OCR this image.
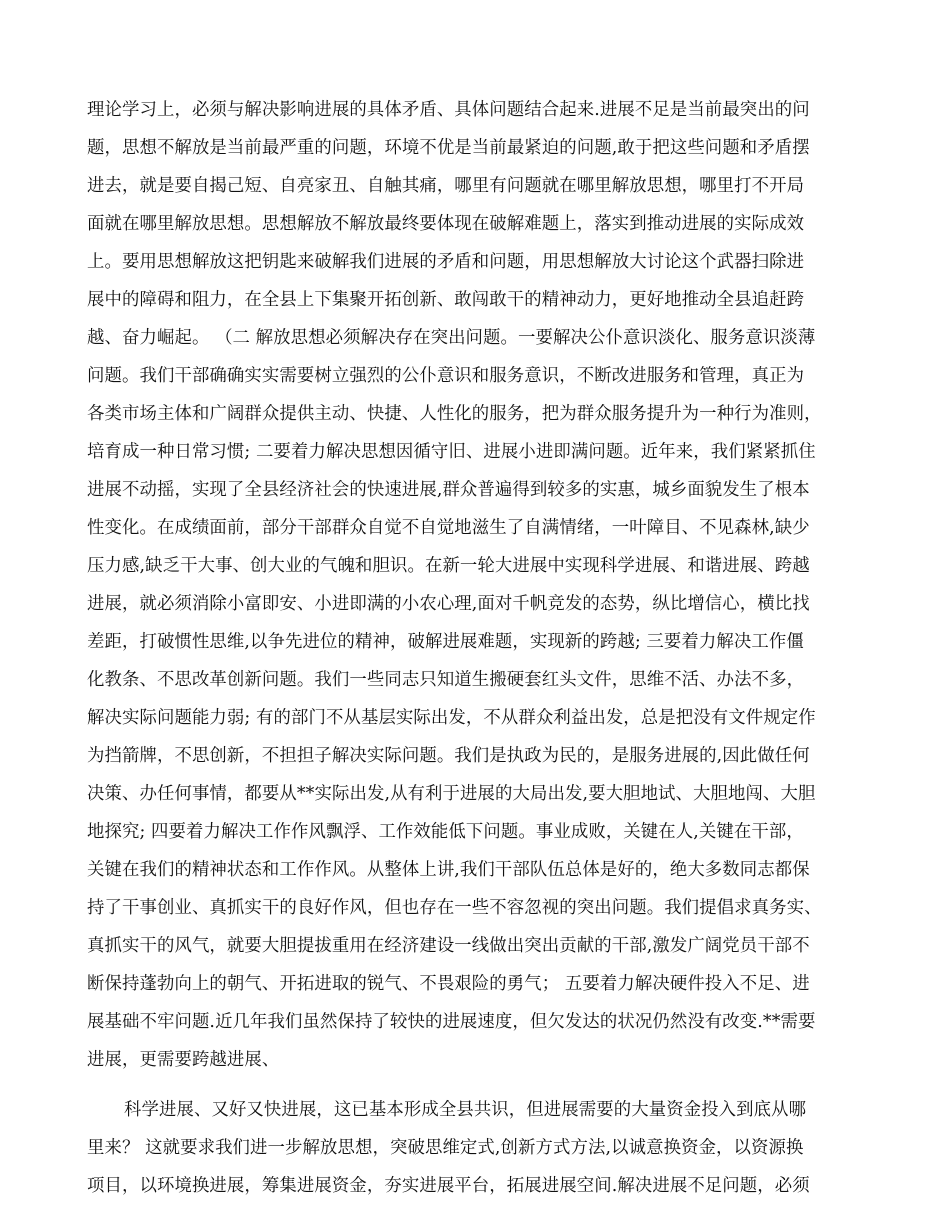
理论学习上，必须与解决影响进展的具体矛盾、具体问题结合起来.进展不足是当前最突出的问
题，思想不解放是当前最严重的问题，环境不优是当前最紧迫的问题,敢于把这些问题和矛盾摆
进去，就是要自揭己短、自亮家丑、自触其痛，哪里有问题就在哪里解放思想，哪里打不开局
面就在哪里解放思想。思想解放不解放最终要体现在破解难题上，落实到推动进展的实际成效
上。要用思想解放这把钥匙来破解我们进展的矛盾和问题，用思想解放大讨论这个武器扫除进
展中的障碍和阻力，在全县上下集聚开拓创新、敢闯敢干的精神动力，更好地推动全县追赶跨
越、奋力崛起。 （二 解放思想必须解决存在突出问题。一要解决公仆意识淡化、服务意识淡薄
问题。我们干部确确实实需要树立强烈的公仆意识和服务意识，不断改进服务和管理，真正为
各类市场主体和广阔群众提供主动、快捷、人性化的服务，把为群众服务提升为一种行为准则，
培育成一种日常习惯; 二要着力解决思想因循守旧、进展小进即满问题。近年来，我们紧紧抓住
进展不动摇，实现了全县经济社会的快速进展,群众普遍得到较多的实惠，城乡面貌发生了根本
性变化。在成绩面前，部分干部群众自觉不自觉地滋生了自满情绪，一叶障目、不见森林,缺少
压力感,缺乏干大事、创大业的气魄和胆识。在新一轮大进展中实现科学进展、和谐进展、跨越
进展，就必须消除小富即安、小进即满的小农心理,面对千帆竞发的态势，纵比增信心，横比找
差距，打破惯性思维,以争先进位的精神，破解进展难题，实现新的跨越; 三要着力解决工作僵
化教条、不思改革创新问题。我们一些同志只知道生搬硬套红头文件，思维不活、办法不多，
解决实际问题能力弱; 有的部门不从基层实际出发，不从群众利益出发，总是把没有文件规定作
为挡箭牌，不思创新，不担担子解决实际问题。我们是执政为民的，是服务进展的,因此做任何
决策、办任何事情，都要从**实际出发,从有利于进展的大局出发,要大胆地试、大胆地闯、大胆
地探究; 四要着力解决工作作风飘浮、工作效能低下问题。事业成败，关键在人,关键在干部，
关键在我们的精神状态和工作作风。从整体上讲,我们干部队伍总体是好的，绝大多数同志都保
持了干事创业、真抓实干的良好作风，但也存在一些不容忽视的突出问题。我们提倡求真务实、
真抓实干的风气，就要大胆提拔重用在经济建设一线做出突出贡献的干部,激发广阔党员干部不
断保持蓬勃向上的朝气、开拓进取的锐气、不畏艰险的勇气； 五要着力解决硬件投入不足、进
展基础不牢问题.近几年我们虽然保持了较快的进展速度，但欠发达的状况仍然没有改变.**需要
进展，更需要跨越进展、
科学进展、又好又快进展，这已基本形成全县共识，但进展需要的大量资金投入到底从哪
里来？ 这就要求我们进一步解放思想，突破思维定式,创新方式方法,以诚意换资金，以资源换
项目，以环境换进展，筹集进展资金，夯实进展平台，拓展进展空间.解决进展不足问题，必须
